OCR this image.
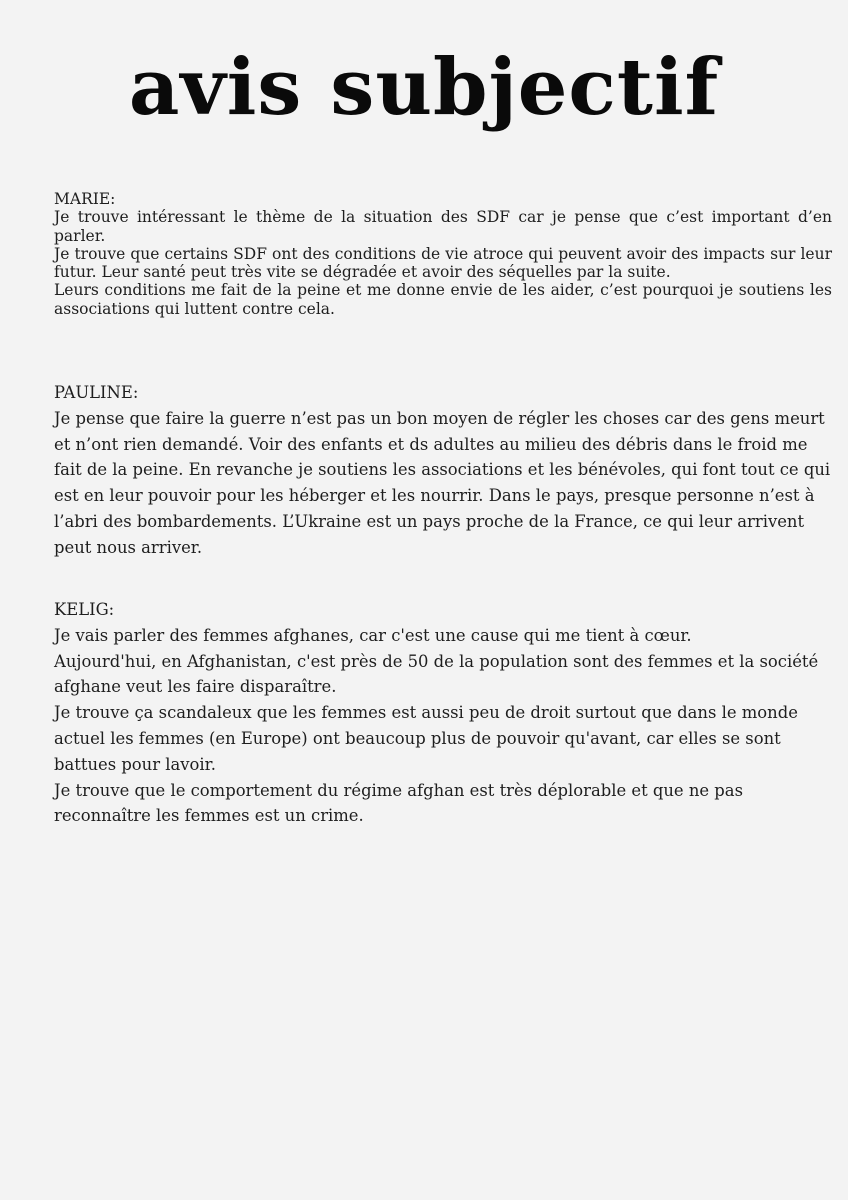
avis subjectif
MARIE:

Je trouve intéressant le thème de la situation des SDF car je pense que c’est important d’en parler.

Je trouve que certains SDF ont des conditions de vie atroce qui peuvent avoir des impacts sur leur futur. Leur santé peut très vite se dégradée et avoir des séquelles par la suite.

Leurs conditions me fait de la peine et me donne envie de les aider, c’est pourquoi je soutiens les associations qui luttent contre cela.

PAULINE:

Je pense que faire la guerre n’est pas un bon moyen de régler les choses car des gens meurt et n’ont rien demandé. Voir des enfants et ds adultes au milieu des débris dans le froid me fait de la peine. En revanche je soutiens les associations et les bénévoles, qui font tout ce qui est en leur pouvoir pour les héberger et les nourrir. Dans le pays, presque personne n’est à l’abri des bombardements. L’Ukraine est un pays proche de la France, ce qui leur arrivent peut nous arriver.

KELIG:

Je vais parler des femmes afghanes, car c'est une cause qui me tient à cœur.

Aujourd'hui, en Afghanistan, c'est près de 50 de la population sont des femmes et la société afghane veut les faire disparaître.

Je trouve ça scandaleux que les femmes est aussi peu de droit surtout que dans le monde actuel les femmes (en Europe) ont beaucoup plus de pouvoir qu'avant, car elles se sont battues pour lavoir.

Je trouve que le comportement du régime afghan est très déplorable et que ne pas reconnaître les femmes est un crime.
